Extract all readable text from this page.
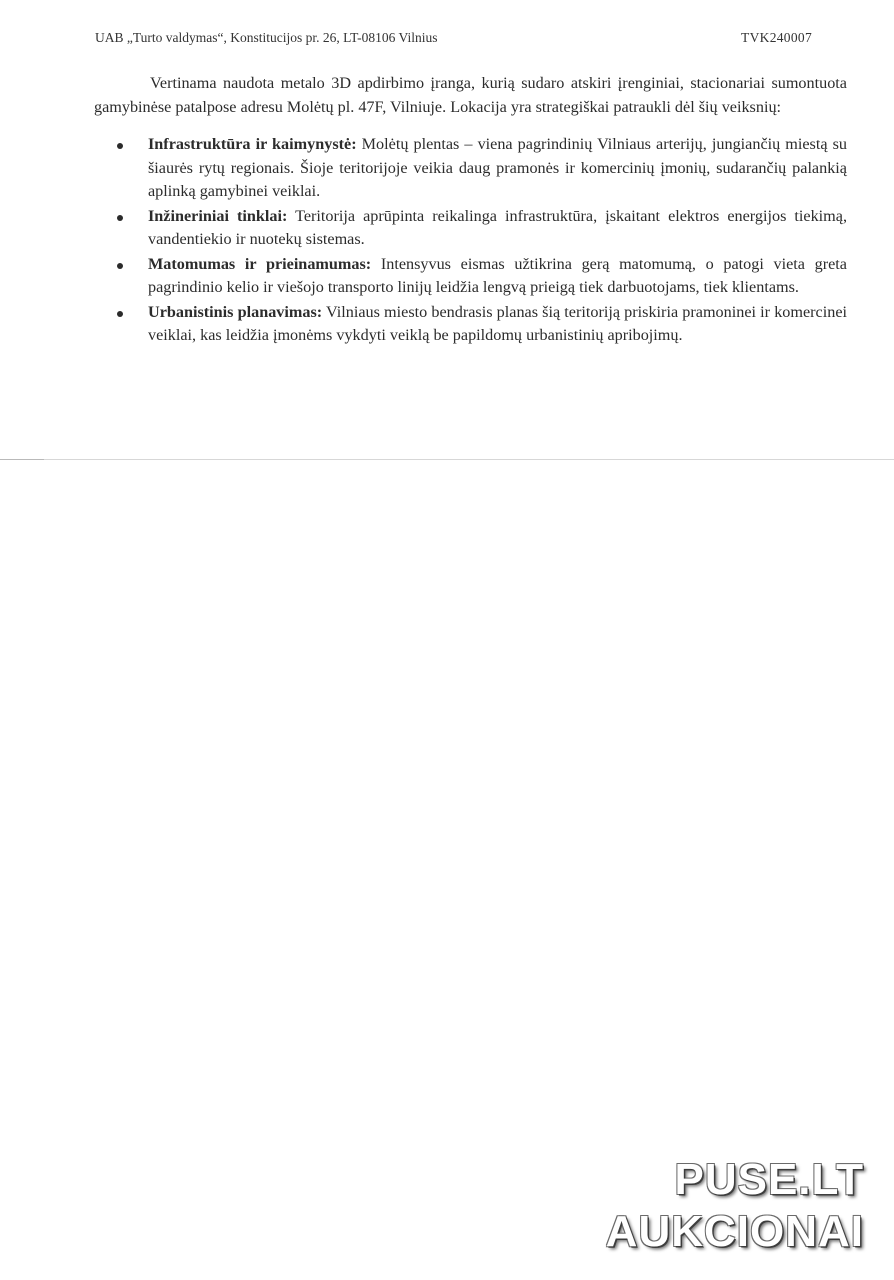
UAB „Turto valdymas“, Konstitucijos pr. 26, LT-08106 Vilnius	TVK240007

Vertinama naudota metalo 3D apdirbimo įranga, kurią sudaro atskiri įrenginiai, stacionariai sumontuota gamybinėse patalpose adresu Molėtų pl. 47F, Vilniuje. Lokacija yra strategiškai patraukli dėl šių veiksnių:

Infrastruktūra ir kaimynystė: Molėtų plentas – viena pagrindinių Vilniaus arterijų, jungiančių miestą su šiaurės rytų regionais. Šioje teritorijoje veikia daug pramonės ir komercinių įmonių, sudarančių palankią aplinką gamybinei veiklai.
Inžineriniai tinklai: Teritorija aprūpinta reikalinga infrastruktūra, įskaitant elektros energijos tiekimą, vandentiekio ir nuotekų sistemas.
Matomumas ir prieinamumas: Intensyvus eismas užtikrina gerą matomumą, o patogi vieta greta pagrindinio kelio ir viešojo transporto linijų leidžia lengvą prieigą tiek darbuotojams, tiek klientams.
Urbanistinis planavimas: Vilniaus miesto bendrasis planas šią teritoriją priskiria pramoninei ir komercinei veiklai, kas leidžia įmonėms vykdyti veiklą be papildomų urbanistinių apribojimų.
PUSE.LT
AUKCIONAI
